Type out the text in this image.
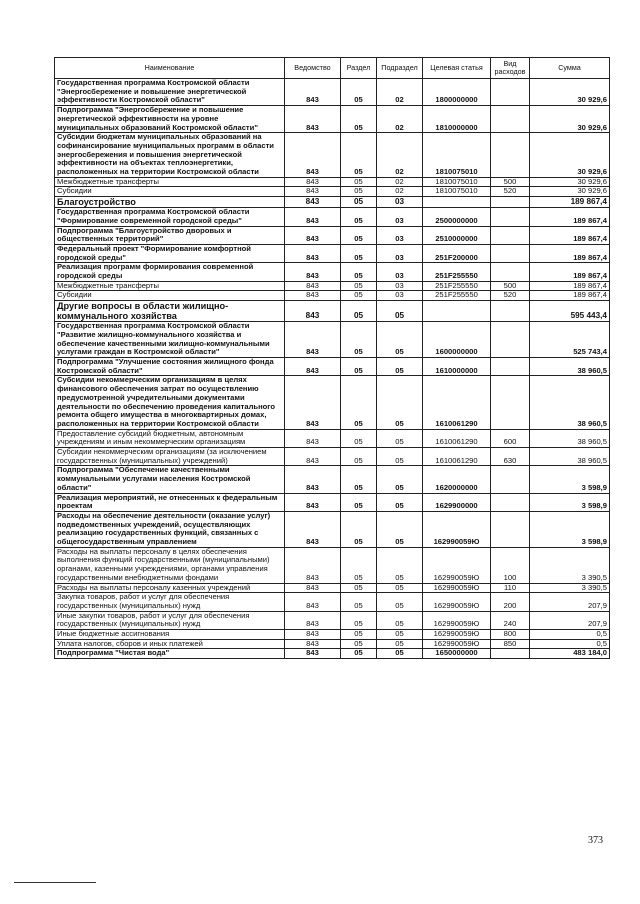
Наименование	Ведомство	Раздел	Подраздел	Целевая статья	Вид расходов	Сумма
Государственная программа Костромской области "Энергосбережение и повышение энергетической эффективности Костромской области"	843	05	02	1800000000		30 929,6
Подпрограмма "Энергосбережение и повышение энергетической эффективности на уровне муниципальных образований Костромской области"	843	05	02	1810000000		30 929,6
Субсидии бюджетам муниципальных образований на софинансирование муниципальных программ в области энергосбережения и повышения энергетической эффективности на объектах теплоэнергетики, расположенных на территории Костромской области	843	05	02	1810075010		30 929,6
Межбюджетные трансферты	843	05	02	1810075010	500	30 929,6
Субсидии	843	05	02	1810075010	520	30 929,6
Благоустройство	843	05	03			189 867,4
Государственная программа Костромской области "Формирование современной городской среды"	843	05	03	2500000000		189 867,4
Подпрограмма "Благоустройство дворовых и общественных территорий"	843	05	03	2510000000		189 867,4
Федеральный проект "Формирование комфортной городской среды"	843	05	03	251F200000		189 867,4
Реализация программ формирования современной городской среды	843	05	03	251F255550		189 867,4
Межбюджетные трансферты	843	05	03	251F255550	500	189 867,4
Субсидии	843	05	03	251F255550	520	189 867,4
Другие вопросы в области жилищно-коммунального хозяйства	843	05	05			595 443,4
Государственная программа Костромской области "Развитие жилищно-коммунального хозяйства и обеспечение качественными жилищно-коммунальными услугами граждан в Костромской области"	843	05	05	1600000000		525 743,4
Подпрограмма "Улучшение состояния жилищного фонда Костромской области"	843	05	05	1610000000		38 960,5
Субсидии некоммерческим организациям в целях финансового обеспечения затрат по осуществлению предусмотренной учредительными документами деятельности по обеспечению проведения капитального ремонта общего имущества в многоквартирных домах, расположенных на территории Костромской области	843	05	05	1610061290		38 960,5
Предоставление субсидий бюджетным, автономным учреждениям и иным некоммерческим организациям	843	05	05	1610061290	600	38 960,5
Субсидии некоммерческим организациям (за исключением государственных (муниципальных) учреждений)	843	05	05	1610061290	630	38 960,5
Подпрограмма "Обеспечение качественными коммунальными услугами населения Костромской области"	843	05	05	1620000000		3 598,9
Реализация мероприятий, не отнесенных к федеральным проектам	843	05	05	1629900000		3 598,9
Расходы на обеспечение деятельности (оказание услуг) подведомственных учреждений, осуществляющих реализацию государственных функций, связанных с общегосударственным управлением	843	05	05	162990059Ю		3 598,9
Расходы на выплаты персоналу в целях обеспечения выполнения функций государственными (муниципальными) органами, казенными учреждениями, органами управления государственными внебюджетными фондами	843	05	05	162990059Ю	100	3 390,5
Расходы на выплаты персоналу казенных учреждений	843	05	05	162990059Ю	110	3 390,5
Закупка товаров, работ и услуг для обеспечения государственных (муниципальных) нужд	843	05	05	162990059Ю	200	207,9
Иные закупки товаров, работ и услуг для обеспечения государственных (муниципальных) нужд	843	05	05	162990059Ю	240	207,9
Иные бюджетные ассигнования	843	05	05	162990059Ю	800	0,5
Уплата налогов, сборов и иных платежей	843	05	05	162990059Ю	850	0,5
Подпрограмма "Чистая вода"	843	05	05	1650000000		483 184,0
373
